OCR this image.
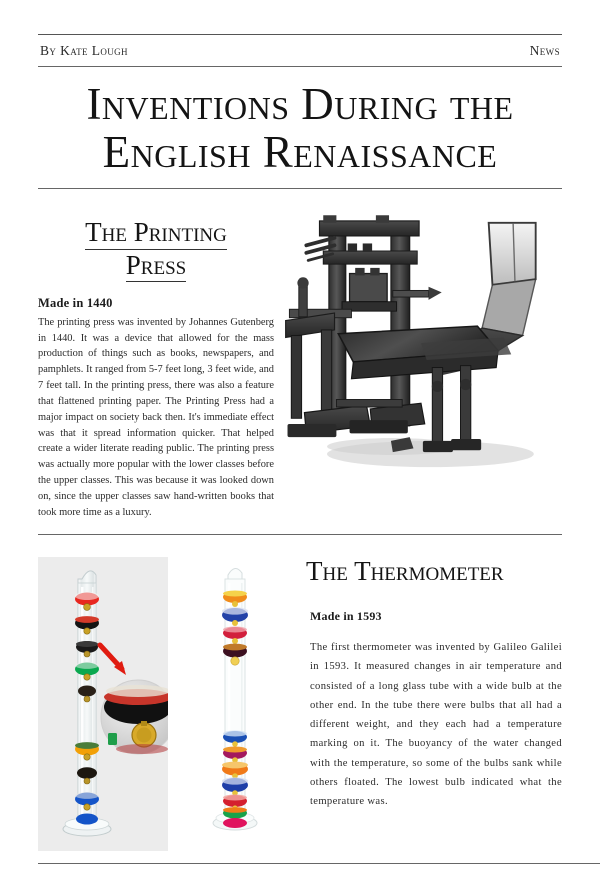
By Kate Lough	News
Inventions During the
English Renaissance
The Printing
Press
Made in 1440

The printing press was invented by Johannes Gutenberg in 1440. It was a device that allowed for the mass production of things such as books, newspapers, and pamphlets. It ranged from 5-7 feet long, 3 feet wide, and 7 feet tall. In the printing press, there was also a feature that flattened printing paper. The Printing Press had a major impact on society back then. It's immediate effect was that it spread information quicker. That helped create a wider literate reading public. The printing press was actually more popular with the lower classes before the upper classes. This was because it was looked down on, since the upper classes saw hand-written books that took more time as a luxury.

The Thermometer
Made in 1593

The first thermometer was invented by Galileo Galilei in 1593. It measured changes in air temperature and consisted of a long glass tube with a wide bulb at the other end. In the tube there were bulbs that all had a different weight, and they each had a temperature marking on it. The buoyancy of the water changed with the temperature, so some of the bulbs sank while others floated. The lowest bulb indicated what the temperature was.
